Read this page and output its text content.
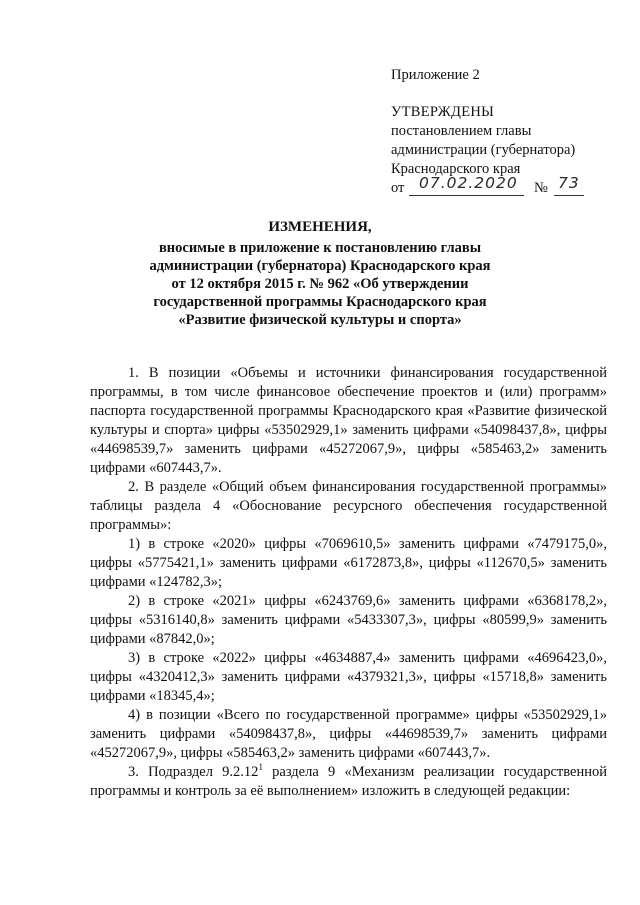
Приложение 2
УТВЕРЖДЕНЫ
постановлением главы
администрации (губернатора)
Краснодарского края
от 07.02.2020 № 73
ИЗМЕНЕНИЯ,
вносимые в приложение к постановлению главы
администрации (губернатора) Краснодарского края
от 12 октября 2015 г. № 962 «Об утверждении
государственной программы Краснодарского края
«Развитие физической культуры и спорта»

1. В позиции «Объемы и источники финансирования государственной программы, в том числе финансовое обеспечение проектов и (или) программ» паспорта государственной программы Краснодарского края «Развитие физической культуры и спорта» цифры «53502929,1» заменить цифрами «54098437,8», цифры «44698539,7» заменить цифрами «45272067,9», цифры «585463,2» заменить цифрами «607443,7».

2. В разделе «Общий объем финансирования государственной программы» таблицы раздела 4 «Обоснование ресурсного обеспечения государственной программы»:

1) в строке «2020» цифры «7069610,5» заменить цифрами «7479175,0», цифры «5775421,1» заменить цифрами «6172873,8», цифры «112670,5» заменить цифрами «124782,3»;

2) в строке «2021» цифры «6243769,6» заменить цифрами «6368178,2», цифры «5316140,8» заменить цифрами «5433307,3», цифры «80599,9» заменить цифрами «87842,0»;

3) в строке «2022» цифры «4634887,4» заменить цифрами «4696423,0», цифры «4320412,3» заменить цифрами «4379321,3», цифры «15718,8» заменить цифрами «18345,4»;

4) в позиции «Всего по государственной программе» цифры «53502929,1» заменить цифрами «54098437,8», цифры «44698539,7» заменить цифрами «45272067,9», цифры «585463,2» заменить цифрами «607443,7».

3. Подраздел 9.2.12$^1$ раздела 9 «Механизм реализации государственной программы и контроль за её выполнением» изложить в следующей редакции:
